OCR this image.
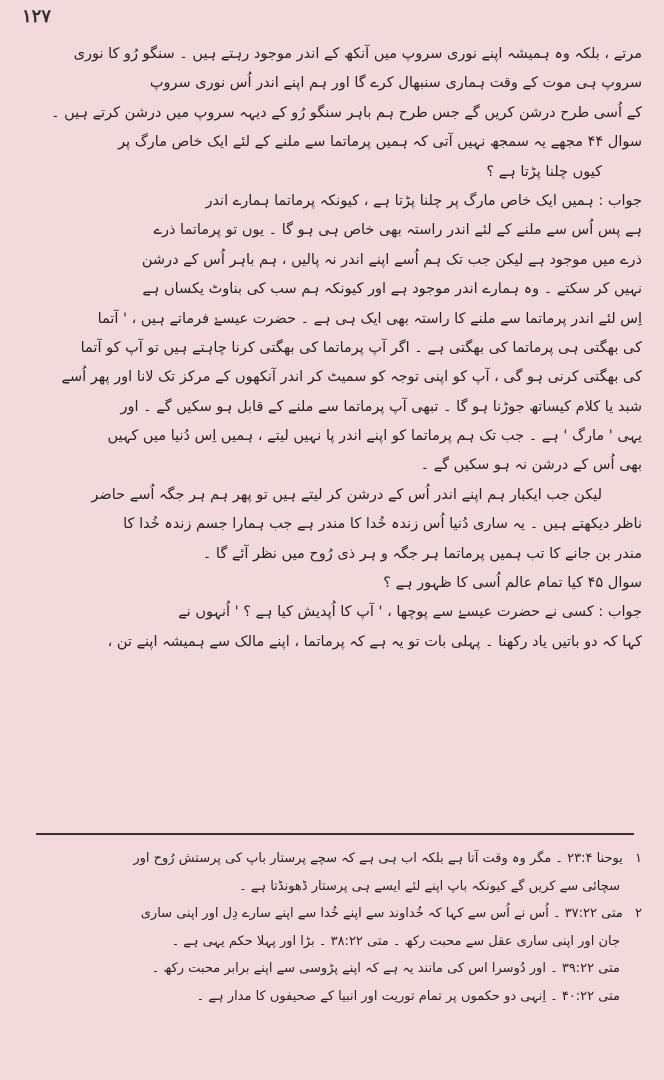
۱۲۷
مرتے ، بلکہ وہ ہمیشہ اپنے نوری سروپ میں آنکھ کے اندر موجود رہتے ہیں ۔ سنگو رُو کا نوری
سروپ ہی موت کے وقت ہماری سنبھال کرے گا اور ہم اپنے اندر اُس نوری سروپ
کے اُسی طرح درشن کریں گے جس طرح ہم باہر سنگو رُو کے دیہہ سروپ میں درشن کرتے ہیں ۔
سوال ۴۴ مجھے یہ سمجھ نہیں آتی کہ ہمیں پرماتما سے ملنے کے لئے ایک خاص مارگ پر
کیوں چلنا پڑتا ہے ؟
جواب : ہمیں ایک خاص مارگ پر چلنا پڑتا ہے ، کیونکہ پرماتما ہمارے اندر
ہے پس اُس سے ملنے کے لئے اندر راستہ بھی خاص ہی ہو گا ۔ یوں تو پرماتما ذرے
ذرے میں موجود ہے لیکن جب تک ہم اُسے اپنے اندر نہ پالیں ، ہم باہر اُس کے درشن
نہیں کر سکتے ۔ وہ ہمارے اندر موجود ہے اور کیونکہ ہم سب کی بناوٹ یکساں ہے
اِس لئے اندر پرماتما سے ملنے کا راستہ بھی ایک ہی ہے ۔ حضرت عیسےٰ فرماتے ہیں ، ' آتما
کی بھگتی ہی پرماتما کی بھگتی ہے ۔ اگر آپ پرماتما کی بھگتی کرنا چاہتے ہیں تو آپ کو آتما
کی بھگتی کرنی ہو گی ، آپ کو اپنی توجہ کو سمیٹ کر اندر آنکھوں کے مرکز تک لانا اور پھر اُسے
شبد یا کلام کیساتھ جوڑنا ہو گا ۔ تبھی آپ پرماتما سے ملنے کے قابل ہو سکیں گے ۔ اور
یہی ' مارگ ' ہے ۔ جب تک ہم پرماتما کو اپنے اندر پا نہیں لیتے ، ہمیں اِس دُنیا میں کہیں
بھی اُس کے درشن نہ ہو سکیں گے ۔
لیکن جب ایکبار ہم اپنے اندر اُس کے درشن کر لیتے ہیں تو پھر ہم ہر جگہ اُسے حاضر
ناظر دیکھتے ہیں ۔ یہ ساری دُنیا اُس زندہ خُدا کا مندر ہے جب ہمارا جسم زندہ خُدا کا
مندر بن جانے کا تب ہمیں پرماتما ہر جگہ و ہر ذی رُوح میں نظر آئے گا ۔
سوال ۴۵ کیا تمام عالم اُسی کا ظہور ہے ؟
جواب : کسی نے حضرت عیسےٰ سے پوچھا ، ' آپ کا اُپدیش کیا ہے ؟ ' اُنہوں نے
کہا کہ دو باتیں یاد رکھنا ۔ پہلی بات تو یہ ہے کہ پرماتما ، اپنے مالک سے ہمیشہ اپنے تن ،
۱ یوحنا ۲۳:۴ ۔ مگر وہ وقت آتا ہے بلکہ اب ہی ہے کہ سچے پرستار باپ کی پرستش رُوح اور
سچائی سے کریں گے کیونکہ باپ اپنے لئے ایسے ہی پرستار ڈھونڈتا ہے ۔
۲ متی ۳۷:۲۲ ۔ اُس نے اُس سے کہا کہ خُداوند سے اپنے خُدا سے اپنے سارے دِل اور اپنی ساری
جان اور اپنی ساری عقل سے محبت رکھ ۔ متی ۳۸:۲۲ ۔ بڑا اور پہلا حکم یہی ہے ۔
متی ۳۹:۲۲ ۔ اور دُوسرا اس کی مانند یہ ہے کہ اپنے پڑوسی سے اپنے برابر محبت رکھ ۔
متی ۴۰:۲۲ ۔ اِنہی دو حکموں پر تمام توریت اور انبیا کے صحیفوں کا مدار ہے ۔
